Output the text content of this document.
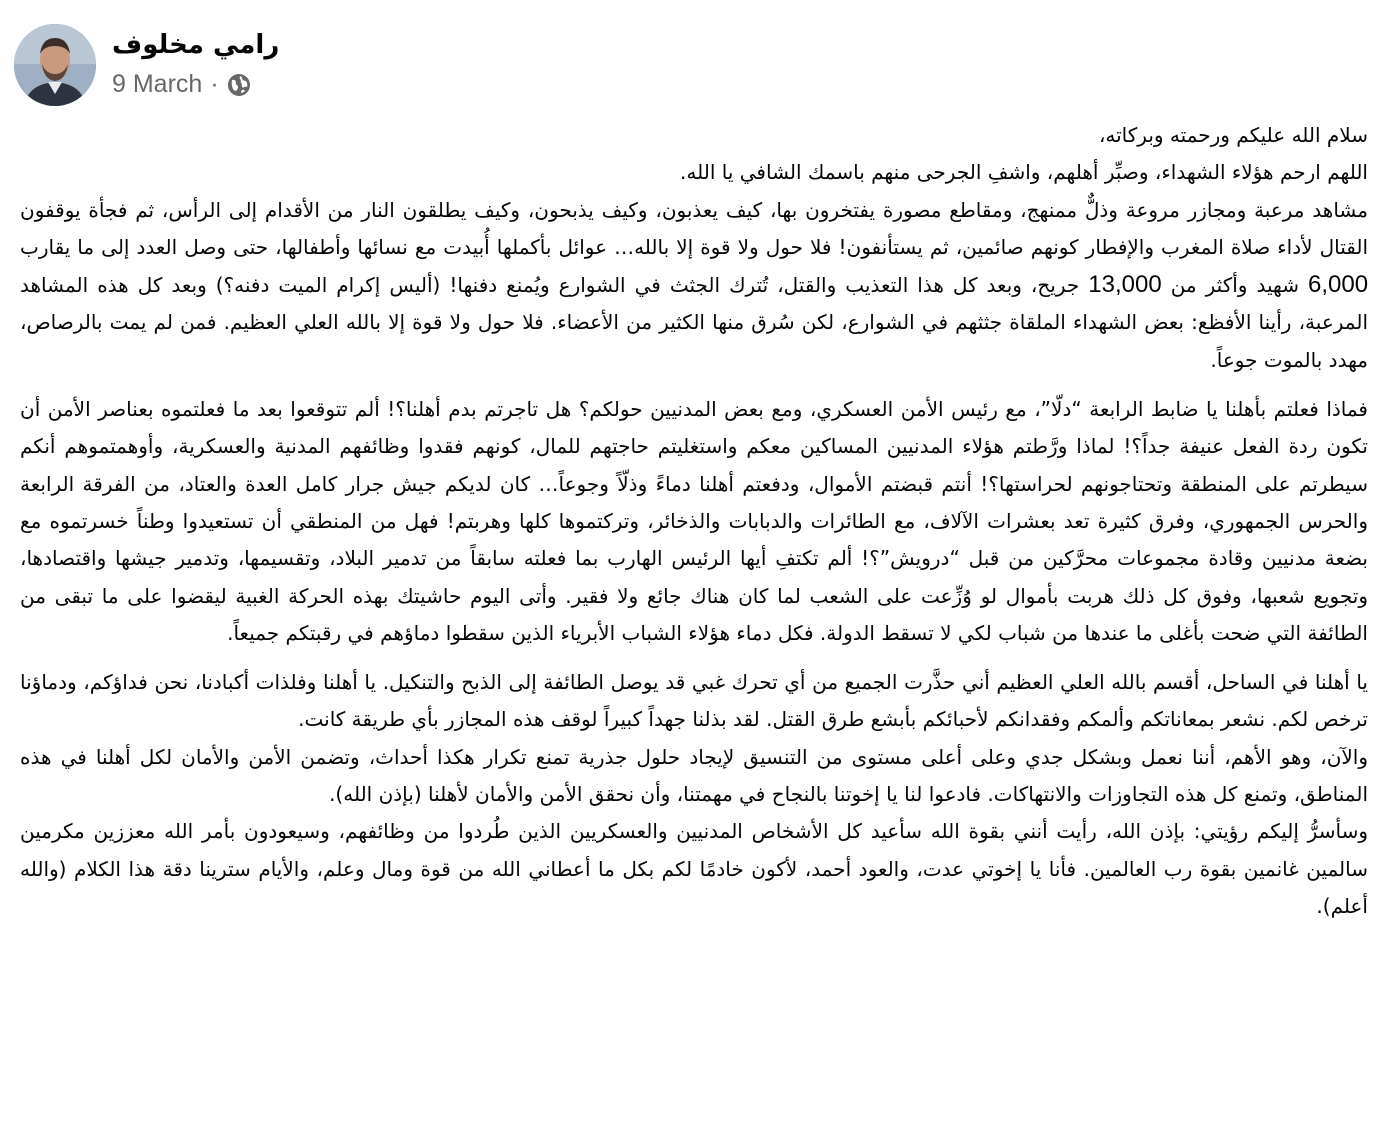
رامي مخلوف
9 March ·

سلام الله عليكم ورحمته وبركاته،

اللهم ارحم هؤلاء الشهداء، وصبِّر أهلهم، واشفِ الجرحى منهم باسمك الشافي يا الله.

مشاهد مرعبة ومجازر مروعة وذلٌّ ممنهج، ومقاطع مصورة يفتخرون بها، كيف يعذبون، وكيف يذبحون، وكيف يطلقون النار من الأقدام إلى الرأس، ثم فجأة يوقفون القتال لأداء صلاة المغرب والإفطار كونهم صائمين، ثم يستأنفون! فلا حول ولا قوة إلا بالله… عوائل بأكملها أُبيدت مع نسائها وأطفالها، حتى وصل العدد إلى ما يقارب 6,000 شهيد وأكثر من 13,000 جريح، وبعد كل هذا التعذيب والقتل، تُترك الجثث في الشوارع ويُمنع دفنها! (أليس إكرام الميت دفنه؟) وبعد كل هذه المشاهد المرعبة، رأينا الأفظع: بعض الشهداء الملقاة جثثهم في الشوارع، لكن سُرق منها الكثير من الأعضاء. فلا حول ولا قوة إلا بالله العلي العظيم. فمن لم يمت بالرصاص، مهدد بالموت جوعاً.

فماذا فعلتم بأهلنا يا ضابط الرابعة “دلّا”، مع رئيس الأمن العسكري، ومع بعض المدنيين حولكم؟ هل تاجرتم بدم أهلنا؟! ألم تتوقعوا بعد ما فعلتموه بعناصر الأمن أن تكون ردة الفعل عنيفة جداً؟! لماذا ورَّطتم هؤلاء المدنيين المساكين معكم واستغليتم حاجتهم للمال، كونهم فقدوا وظائفهم المدنية والعسكرية، وأوهمتموهم أنكم سيطرتم على المنطقة وتحتاجونهم لحراستها؟! أنتم قبضتم الأموال، ودفعتم أهلنا دماءً وذلّاً وجوعاً… كان لديكم جيش جرار كامل العدة والعتاد، من الفرقة الرابعة والحرس الجمهوري، وفرق كثيرة تعد بعشرات الآلاف، مع الطائرات والدبابات والذخائر، وتركتموها كلها وهربتم! فهل من المنطقي أن تستعيدوا وطناً خسرتموه مع بضعة مدنيين وقادة مجموعات محرَّكين من قبل “درويش”؟! ألم تكتفِ أيها الرئيس الهارب بما فعلته سابقاً من تدمير البلاد، وتقسيمها، وتدمير جيشها واقتصادها، وتجويع شعبها، وفوق كل ذلك هربت بأموال لو وُزِّعت على الشعب لما كان هناك جائع ولا فقير. وأتى اليوم حاشيتك بهذه الحركة الغبية ليقضوا على ما تبقى من الطائفة التي ضحت بأغلى ما عندها من شباب لكي لا تسقط الدولة. فكل دماء هؤلاء الشباب الأبرياء الذين سقطوا دماؤهم في رقبتكم جميعاً.

يا أهلنا في الساحل، أقسم بالله العلي العظيم أني حذَّرت الجميع من أي تحرك غبي قد يوصل الطائفة إلى الذبح والتنكيل. يا أهلنا وفلذات أكبادنا، نحن فداؤكم، ودماؤنا ترخص لكم. نشعر بمعاناتكم وألمكم وفقدانكم لأحبائكم بأبشع طرق القتل. لقد بذلنا جهداً كبيراً لوقف هذه المجازر بأي طريقة كانت.

والآن، وهو الأهم، أننا نعمل وبشكل جدي وعلى أعلى مستوى من التنسيق لإيجاد حلول جذرية تمنع تكرار هكذا أحداث، وتضمن الأمن والأمان لكل أهلنا في هذه المناطق، وتمنع كل هذه التجاوزات والانتهاكات. فادعوا لنا يا إخوتنا بالنجاح في مهمتنا، وأن نحقق الأمن والأمان لأهلنا (بإذن الله).

وسأسرُّ إليكم رؤيتي: بإذن الله، رأيت أنني بقوة الله سأعيد كل الأشخاص المدنيين والعسكريين الذين طُردوا من وظائفهم، وسيعودون بأمر الله معززين مكرمين سالمين غانمين بقوة رب العالمين. فأنا يا إخوتي عدت، والعود أحمد، لأكون خادمًا لكم بكل ما أعطاني الله من قوة ومال وعلم، والأيام سترينا دقة هذا الكلام (والله أعلم).
